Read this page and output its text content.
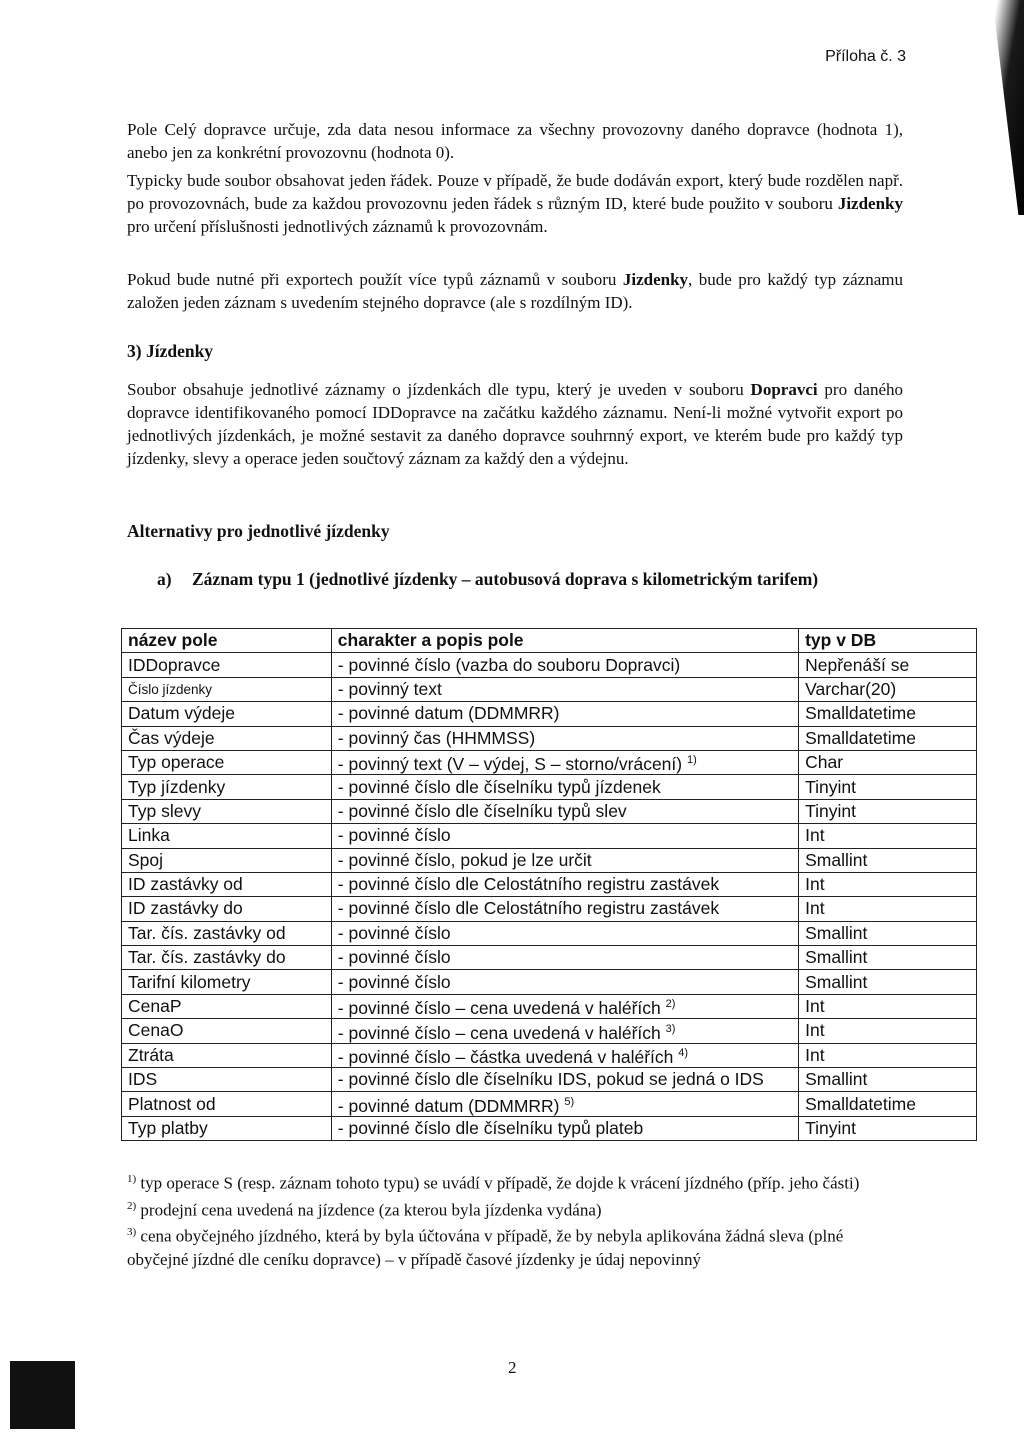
Příloha č. 3

Pole Celý dopravce určuje, zda data nesou informace za všechny provozovny daného dopravce (hodnota 1), anebo jen za konkrétní provozovnu (hodnota 0).

Typicky bude soubor obsahovat jeden řádek. Pouze v případě, že bude dodáván export, který bude rozdělen např. po provozovnách, bude za každou provozovnu jeden řádek s různým ID, které bude použito v souboru Jizdenky pro určení příslušnosti jednotlivých záznamů k provozovnám.

Pokud bude nutné při exportech použít více typů záznamů v souboru Jizdenky, bude pro každý typ záznamu založen jeden záznam s uvedením stejného dopravce (ale s rozdílným ID).

3) Jízdenky

Soubor obsahuje jednotlivé záznamy o jízdenkách dle typu, který je uveden v souboru Dopravci pro daného dopravce identifikovaného pomocí IDDopravce na začátku každého záznamu. Není-li možné vytvořit export po jednotlivých jízdenkách, je možné sestavit za daného dopravce souhrnný export, ve kterém bude pro každý typ jízdenky, slevy a operace jeden součtový záznam za každý den a výdejnu.

Alternativy pro jednotlivé jízdenky

a) Záznam typu 1 (jednotlivé jízdenky – autobusová doprava s kilometrickým tarifem)

název pole	charakter a popis pole	typ v DB
IDDopravce	- povinné číslo (vazba do souboru Dopravci)	Nepřenáší se
Číslo jízdenky	- povinný text	Varchar(20)
Datum výdeje	- povinné datum (DDMMRR)	Smalldatetime
Čas výdeje	- povinný čas (HHMMSS)	Smalldatetime
Typ operace	- povinný text (V – výdej, S – storno/vrácení) $^{1)}$	Char
Typ jízdenky	- povinné číslo dle číselníku typů jízdenek	Tinyint
Typ slevy	- povinné číslo dle číselníku typů slev	Tinyint
Linka	- povinné číslo	Int
Spoj	- povinné číslo, pokud je lze určit	Smallint
ID zastávky od	- povinné číslo dle Celostátního registru zastávek	Int
ID zastávky do	- povinné číslo dle Celostátního registru zastávek	Int
Tar. čís. zastávky od	- povinné číslo	Smallint
Tar. čís. zastávky do	- povinné číslo	Smallint
Tarifní kilometry	- povinné číslo	Smallint
CenaP	- povinné číslo – cena uvedená v haléřích $^{2)}$	Int
CenaO	- povinné číslo – cena uvedená v haléřích $^{3)}$	Int
Ztráta	- povinné číslo – částka uvedená v haléřích $^{4)}$	Int
IDS	- povinné číslo dle číselníku IDS, pokud se jedná o IDS	Smallint
Platnost od	- povinné datum (DDMMRR) $^{5)}$	Smalldatetime
Typ platby	- povinné číslo dle číselníku typů plateb	Tinyint

$^{1)}$ typ operace S (resp. záznam tohoto typu) se uvádí v případě, že dojde k vrácení jízdného (příp. jeho části)

$^{2)}$ prodejní cena uvedená na jízdence (za kterou byla jízdenka vydána)

$^{3)}$ cena obyčejného jízdného, která by byla účtována v případě, že by nebyla aplikována žádná sleva (plné obyčejné jízdné dle ceníku dopravce) – v případě časové jízdenky je údaj nepovinný

2
